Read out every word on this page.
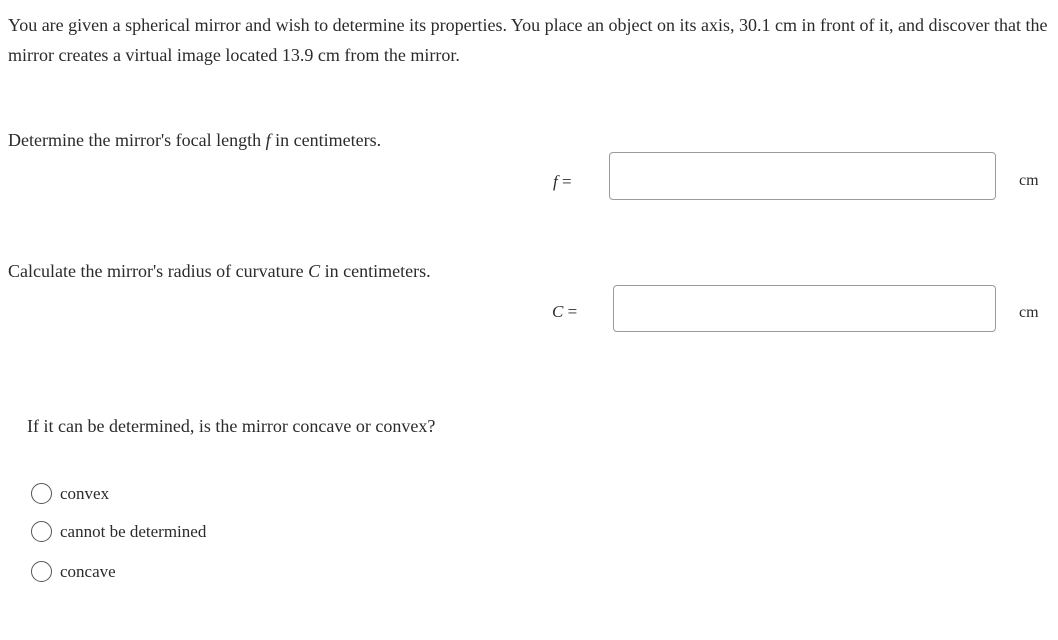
You are given a spherical mirror and wish to determine its properties. You place an object on its axis, 30.1 cm in front of it, and discover that the mirror creates a virtual image located 13.9 cm from the mirror.

Determine the mirror's focal length f in centimeters.

f =	cm

Calculate the mirror's radius of curvature C in centimeters.

C =	cm

If it can be determined, is the mirror concave or convex?

convex
cannot be determined
concave
